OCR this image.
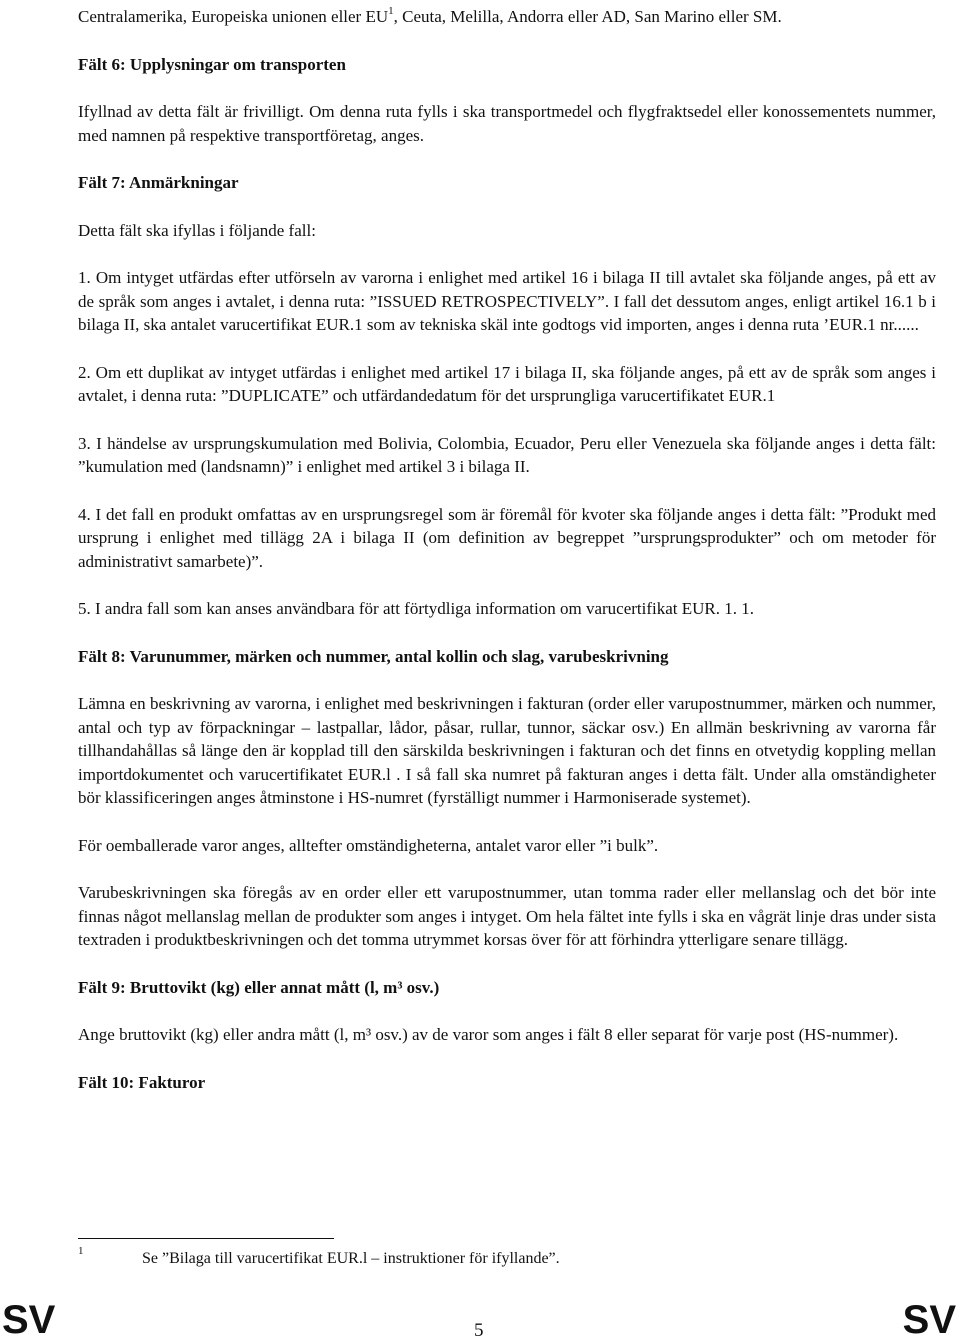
Centralamerika, Europeiska unionen eller $EU^1$, Ceuta, Melilla, Andorra eller AD, San Marino eller SM.

Fält 6: Upplysningar om transporten

Ifyllnad av detta fält är frivilligt. Om denna ruta fylls i ska transportmedel och flygfraktsedel eller konossementets nummer, med namnen på respektive transportföretag, anges.

Fält 7: Anmärkningar

Detta fält ska ifyllas i följande fall:

1. Om intyget utfärdas efter utförseln av varorna i enlighet med artikel 16 i bilaga II till avtalet ska följande anges, på ett av de språk som anges i avtalet, i denna ruta: ”ISSUED RETROSPECTIVELY”. I fall det dessutom anges, enligt artikel 16.1 b i bilaga II, ska antalet varucertifikat EUR.1 som av tekniska skäl inte godtogs vid importen, anges i denna ruta ’EUR.1 nr......

2. Om ett duplikat av intyget utfärdas i enlighet med artikel 17 i bilaga II, ska följande anges, på ett av de språk som anges i avtalet, i denna ruta: ”DUPLICATE” och utfärdandedatum för det ursprungliga varucertifikatet EUR.1

3. I händelse av ursprungskumulation med Bolivia, Colombia, Ecuador, Peru eller Venezuela ska följande anges i detta fält: ”kumulation med (landsnamn)” i enlighet med artikel 3 i bilaga II.

4. I det fall en produkt omfattas av en ursprungsregel som är föremål för kvoter ska följande anges i detta fält: ”Produkt med ursprung i enlighet med tillägg 2A i bilaga II (om definition av begreppet ”ursprungsprodukter” och om metoder för administrativt samarbete)”.

5. I andra fall som kan anses användbara för att förtydliga information om varucertifikat EUR. 1. 1.

Fält 8: Varunummer, märken och nummer, antal kollin och slag, varubeskrivning

Lämna en beskrivning av varorna, i enlighet med beskrivningen i fakturan (order eller varupostnummer, märken och nummer, antal och typ av förpackningar – lastpallar, lådor, påsar, rullar, tunnor, säckar osv.) En allmän beskrivning av varorna får tillhandahållas så länge den är kopplad till den särskilda beskrivningen i fakturan och det finns en otvetydig koppling mellan importdokumentet och varucertifikatet EUR.l . I så fall ska numret på fakturan anges i detta fält. Under alla omständigheter bör klassificeringen anges åtminstone i HS-numret (fyrställigt nummer i Harmoniserade systemet).

För oemballerade varor anges, alltefter omständigheterna, antalet varor eller ”i bulk”.

Varubeskrivningen ska föregås av en order eller ett varupostnummer, utan tomma rader eller mellanslag och det bör inte finnas något mellanslag mellan de produkter som anges i intyget. Om hela fältet inte fylls i ska en vågrät linje dras under sista textraden i produktbeskrivningen och det tomma utrymmet korsas över för att förhindra ytterligare senare tillägg.

Fält 9: Bruttovikt (kg) eller annat mått (l, m³ osv.)

Ange bruttovikt (kg) eller andra mått (l, m³ osv.) av de varor som anges i fält 8 eller separat för varje post (HS-nummer).

Fält 10: Fakturor

1	Se ”Bilaga till varucertifikat EUR.l – instruktioner för ifyllande”.
SV	5	SV
